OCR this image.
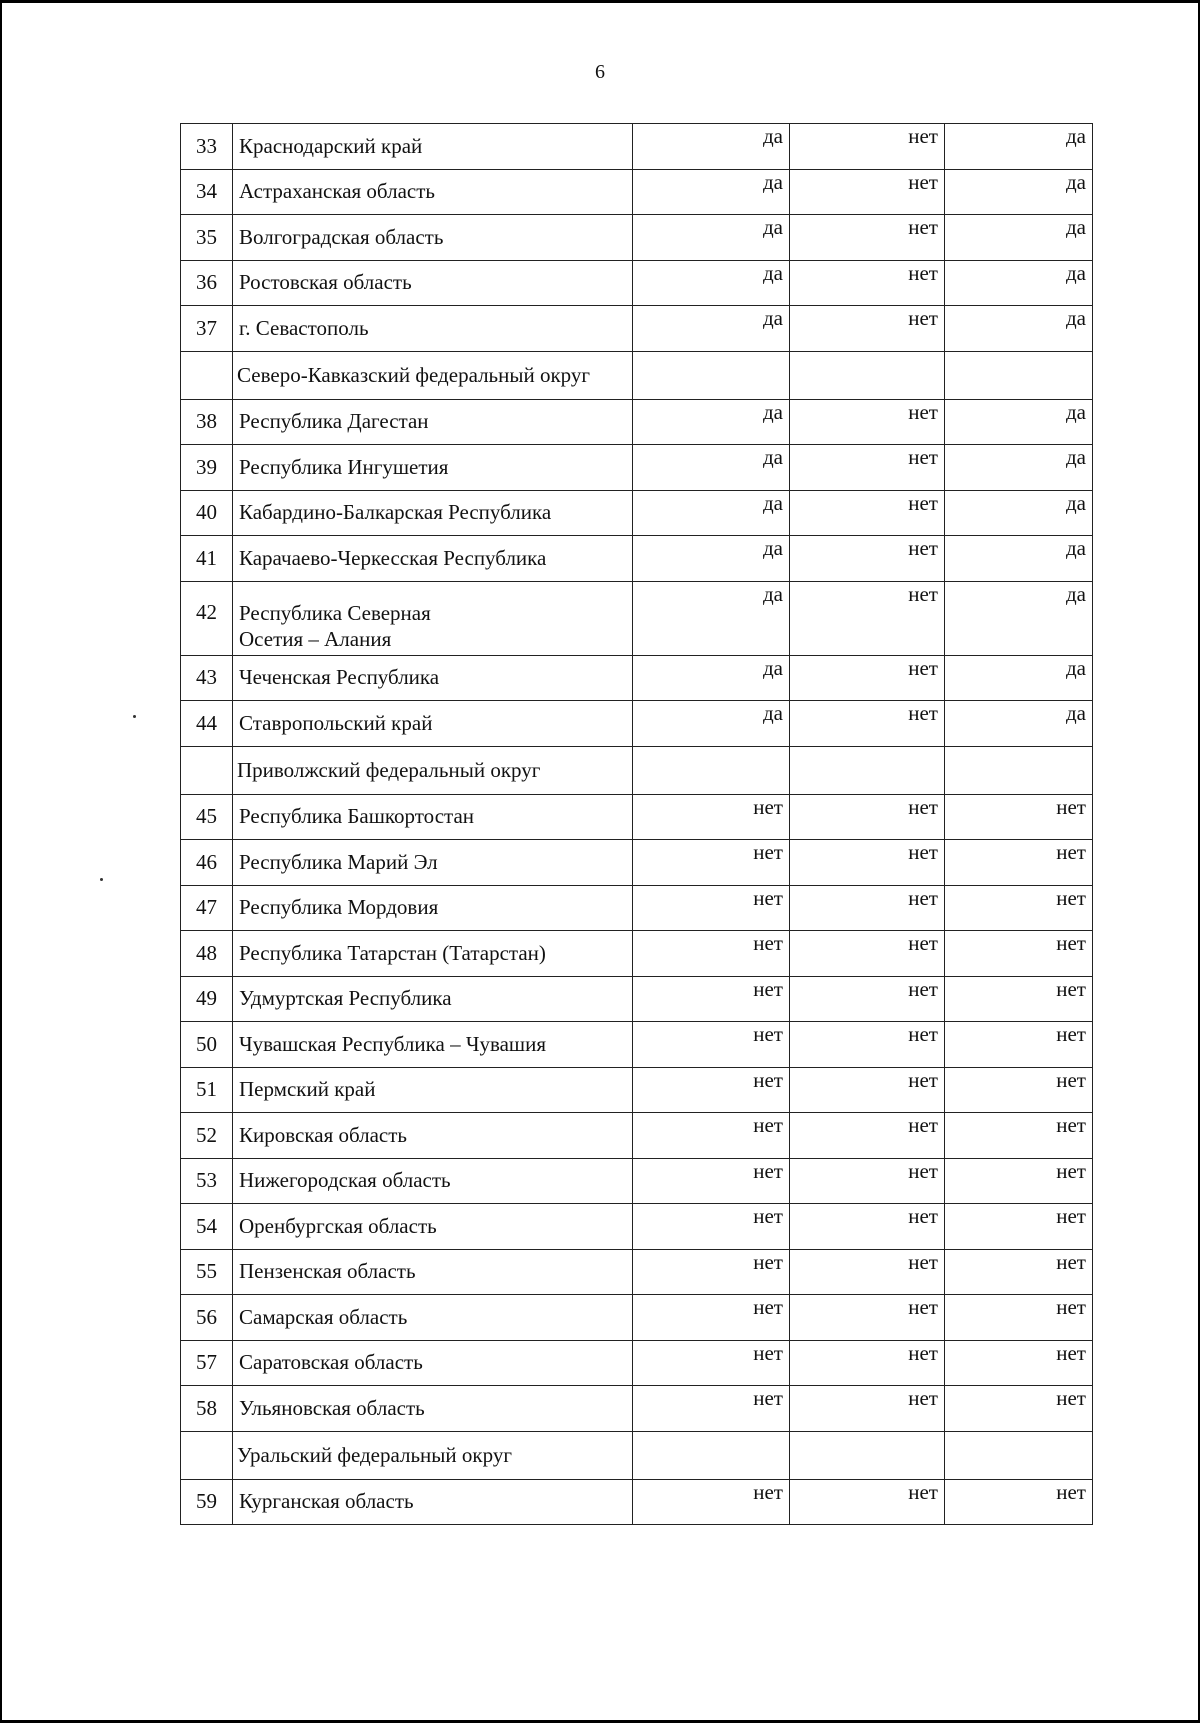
6
33	Краснодарский край	да	нет	да
34	Астраханская область	да	нет	да
35	Волгоградская область	да	нет	да
36	Ростовская область	да	нет	да
37	г. Севастополь	да	нет	да
	Северо-Кавказский федеральный округ			
38	Республика Дагестан	да	нет	да
39	Республика Ингушетия	да	нет	да
40	Кабардино-Балкарская Республика	да	нет	да
41	Карачаево-Черкесская Республика	да	нет	да
42	Республика Северная
Осетия – Алания	да	нет	да
43	Чеченская Республика	да	нет	да
44	Ставропольский край	да	нет	да
	Приволжский федеральный округ			
45	Республика Башкортостан	нет	нет	нет
46	Республика Марий Эл	нет	нет	нет
47	Республика Мордовия	нет	нет	нет
48	Республика Татарстан (Татарстан)	нет	нет	нет
49	Удмуртская Республика	нет	нет	нет
50	Чувашская Республика – Чувашия	нет	нет	нет
51	Пермский край	нет	нет	нет
52	Кировская область	нет	нет	нет
53	Нижегородская область	нет	нет	нет
54	Оренбургская область	нет	нет	нет
55	Пензенская область	нет	нет	нет
56	Самарская область	нет	нет	нет
57	Саратовская область	нет	нет	нет
58	Ульяновская область	нет	нет	нет
	Уральский федеральный округ			
59	Курганская область	нет	нет	нет
